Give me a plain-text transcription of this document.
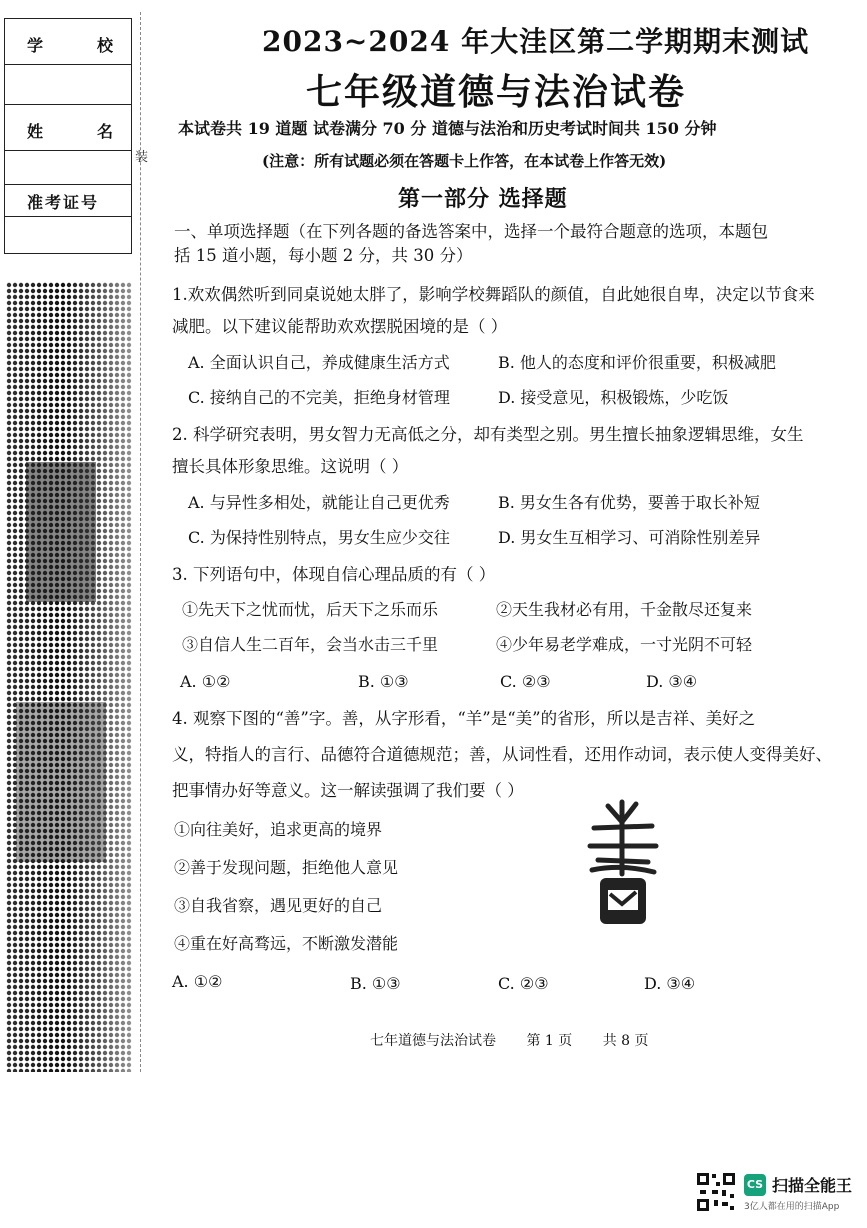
学	校
姓	名
准考证号
装
2023~2024 年大洼区第二学期期末测试
七年级道德与法治试卷
本试卷共 19 道题 试卷满分 70 分 道德与法治和历史考试时间共 150 分钟
(注意：所有试题必须在答题卡上作答，在本试卷上作答无效)
第一部分 选择题
一、单项选择题（在下列各题的备选答案中，选择一个最符合题意的选项，本题包
括 15 道小题，每小题 2 分，共 30 分）
1.欢欢偶然听到同桌说她太胖了，影响学校舞蹈队的颜值，自此她很自卑，决定以节食来
减肥。以下建议能帮助欢欢摆脱困境的是（ ）
A. 全面认识自己，养成健康生活方式	B. 他人的态度和评价很重要，积极减肥
C. 接纳自己的不完美，拒绝身材管理	D. 接受意见，积极锻炼，少吃饭
2. 科学研究表明，男女智力无高低之分，却有类型之别。男生擅长抽象逻辑思维，女生
擅长具体形象思维。这说明（ ）
A. 与异性多相处，就能让自己更优秀	B. 男女生各有优势，要善于取长补短
C. 为保持性别特点，男女生应少交往	D. 男女生互相学习、可消除性别差异
3. 下列语句中，体现自信心理品质的有（ ）
①先天下之忧而忧，后天下之乐而乐	②天生我材必有用，千金散尽还复来
③自信人生二百年，会当水击三千里	④少年易老学难成，一寸光阴不可轻
A. ①②	B. ①③	C. ②③	D. ③④
4. 观察下图的“善”字。善，从字形看，“羊”是“美”的省形，所以是吉祥、美好之
义，特指人的言行、品德符合道德规范；善，从词性看，还用作动词，表示使人变得美好、
把事情办好等意义。这一解读强调了我们要（ ）
①向往美好，追求更高的境界
②善于发现问题，拒绝他人意见
③自我省察，遇见更好的自己
④重在好高骛远，不断激发潜能
A. ①②	B. ①③	C. ②③	D. ③④
七年道德与法治试卷 第 1 页 共 8 页
CS 扫描全能王
3亿人都在用的扫描App
